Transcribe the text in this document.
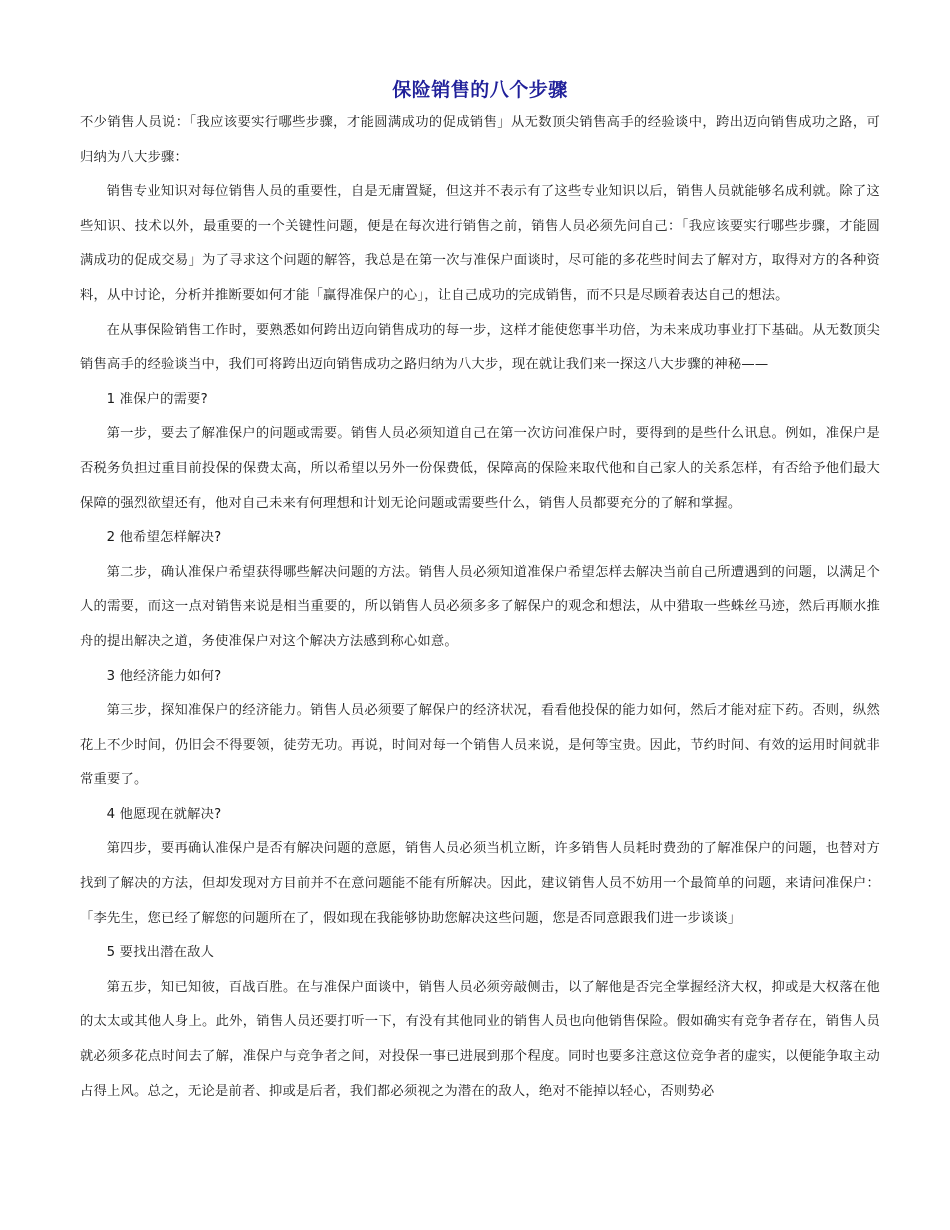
保险销售的八个步骤

不少销售人员说：「我应该要实行哪些步骤，才能圆满成功的促成销售」从无数顶尖销售高手的经验谈中，跨出迈向销售成功之路，可归纳为八大步骤：

销售专业知识对每位销售人员的重要性，自是无庸置疑，但这并不表示有了这些专业知识以后，销售人员就能够名成利就。除了这些知识、技术以外，最重要的一个关键性问题，便是在每次进行销售之前，销售人员必须先问自己：「我应该要实行哪些步骤，才能圆满成功的促成交易」为了寻求这个问题的解答，我总是在第一次与准保户面谈时，尽可能的多花些时间去了解对方，取得对方的各种资料，从中讨论，分析并推断要如何才能「赢得准保户的心」，让自己成功的完成销售，而不只是尽顾着表达自己的想法。

在从事保险销售工作时，要熟悉如何跨出迈向销售成功的每一步，这样才能使您事半功倍，为未来成功事业打下基础。从无数顶尖销售高手的经验谈当中，我们可将跨出迈向销售成功之路归纳为八大步，现在就让我们来一探这八大步骤的神秘——

1 准保户的需要?

第一步，要去了解准保户的问题或需要。销售人员必须知道自己在第一次访问准保户时，要得到的是些什么讯息。例如，准保户是否税务负担过重目前投保的保费太高，所以希望以另外一份保费低，保障高的保险来取代他和自己家人的关系怎样，有否给予他们最大保障的强烈欲望还有，他对自己未来有何理想和计划无论问题或需要些什么，销售人员都要充分的了解和掌握。

2 他希望怎样解决?

第二步，确认准保户希望获得哪些解决问题的方法。销售人员必须知道准保户希望怎样去解决当前自己所遭遇到的问题，以满足个人的需要，而这一点对销售来说是相当重要的，所以销售人员必须多多了解保户的观念和想法，从中猎取一些蛛丝马迹，然后再顺水推舟的提出解决之道，务使准保户对这个解决方法感到称心如意。

3 他经济能力如何?

第三步，探知准保户的经济能力。销售人员必须要了解保户的经济状况，看看他投保的能力如何，然后才能对症下药。否则，纵然花上不少时间，仍旧会不得要领，徒劳无功。再说，时间对每一个销售人员来说，是何等宝贵。因此，节约时间、有效的运用时间就非常重要了。

4 他愿现在就解决?

第四步，要再确认准保户是否有解决问题的意愿，销售人员必须当机立断，许多销售人员耗时费劲的了解准保户的问题，也替对方找到了解决的方法，但却发现对方目前并不在意问题能不能有所解决。因此，建议销售人员不妨用一个最简单的问题，来请问准保户：「李先生，您已经了解您的问题所在了，假如现在我能够协助您解决这些问题，您是否同意跟我们进一步谈谈」

5 要找出潜在敌人

第五步，知已知彼，百战百胜。在与准保户面谈中，销售人员必须旁敲侧击，以了解他是否完全掌握经济大权，抑或是大权落在他的太太或其他人身上。此外，销售人员还要打听一下，有没有其他同业的销售人员也向他销售保险。假如确实有竞争者存在，销售人员就必须多花点时间去了解，准保户与竞争者之间，对投保一事已进展到那个程度。同时也要多注意这位竞争者的虚实，以便能争取主动占得上风。总之，无论是前者、抑或是后者，我们都必须视之为潜在的敌人，绝对不能掉以轻心，否则势必
